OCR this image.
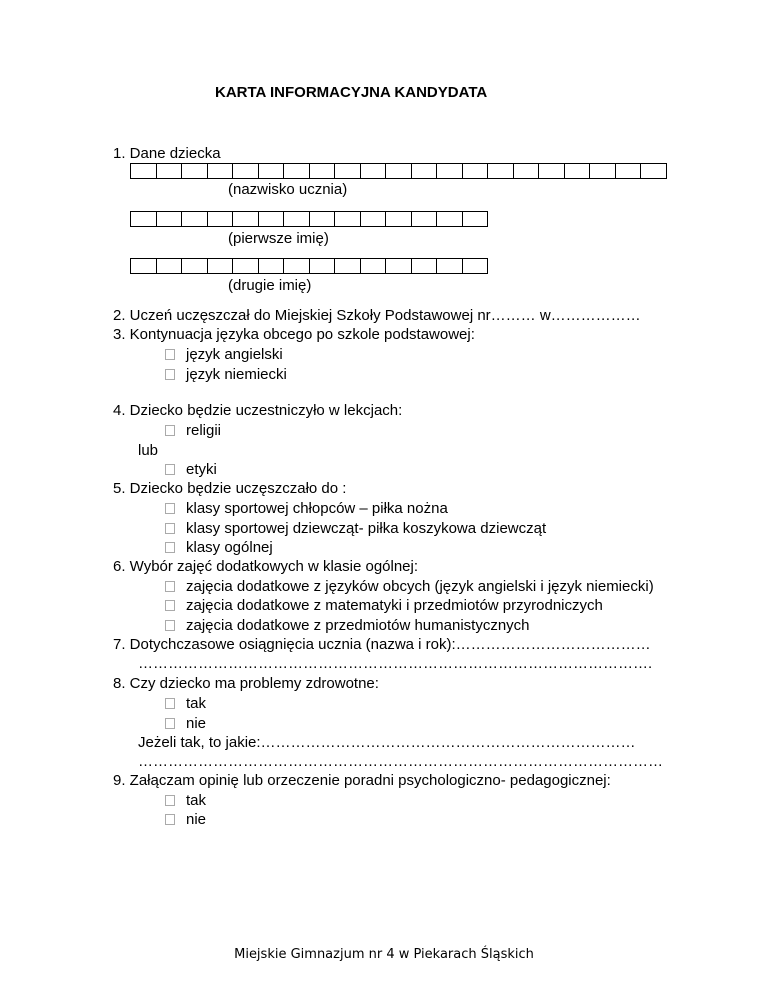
KARTA INFORMACYJNA KANDYDATA
1. Dane dziecka
(nazwisko ucznia)
(pierwsze imię)
(drugie imię)
2. Uczeń uczęszczał do Miejskiej Szkoły Podstawowej nr……… w………………
3. Kontynuacja języka obcego po szkole podstawowej:
język angielski
język niemiecki
4. Dziecko będzie uczestniczyło w lekcjach:
religii
lub
etyki
5. Dziecko będzie uczęszczało do :
klasy sportowej chłopców – piłka nożna
klasy sportowej dziewcząt- piłka koszykowa dziewcząt
klasy ogólnej
6. Wybór zajęć dodatkowych w klasie ogólnej:
zajęcia dodatkowe z języków obcych (język angielski i język niemiecki)
zajęcia dodatkowe z matematyki i przedmiotów przyrodniczych
zajęcia dodatkowe z przedmiotów humanistycznych
7. Dotychczasowe osiągnięcia ucznia (nazwa i rok):…………………………………
………………………………………………………………………………………….
8. Czy dziecko ma problemy zdrowotne:
tak
nie
Jeżeli tak, to jakie:…………………………………………………………………
……………………………………………………………………………………………
9. Załączam opinię lub orzeczenie poradni psychologiczno- pedagogicznej:
tak
nie
Miejskie Gimnazjum nr 4 w Piekarach Śląskich
